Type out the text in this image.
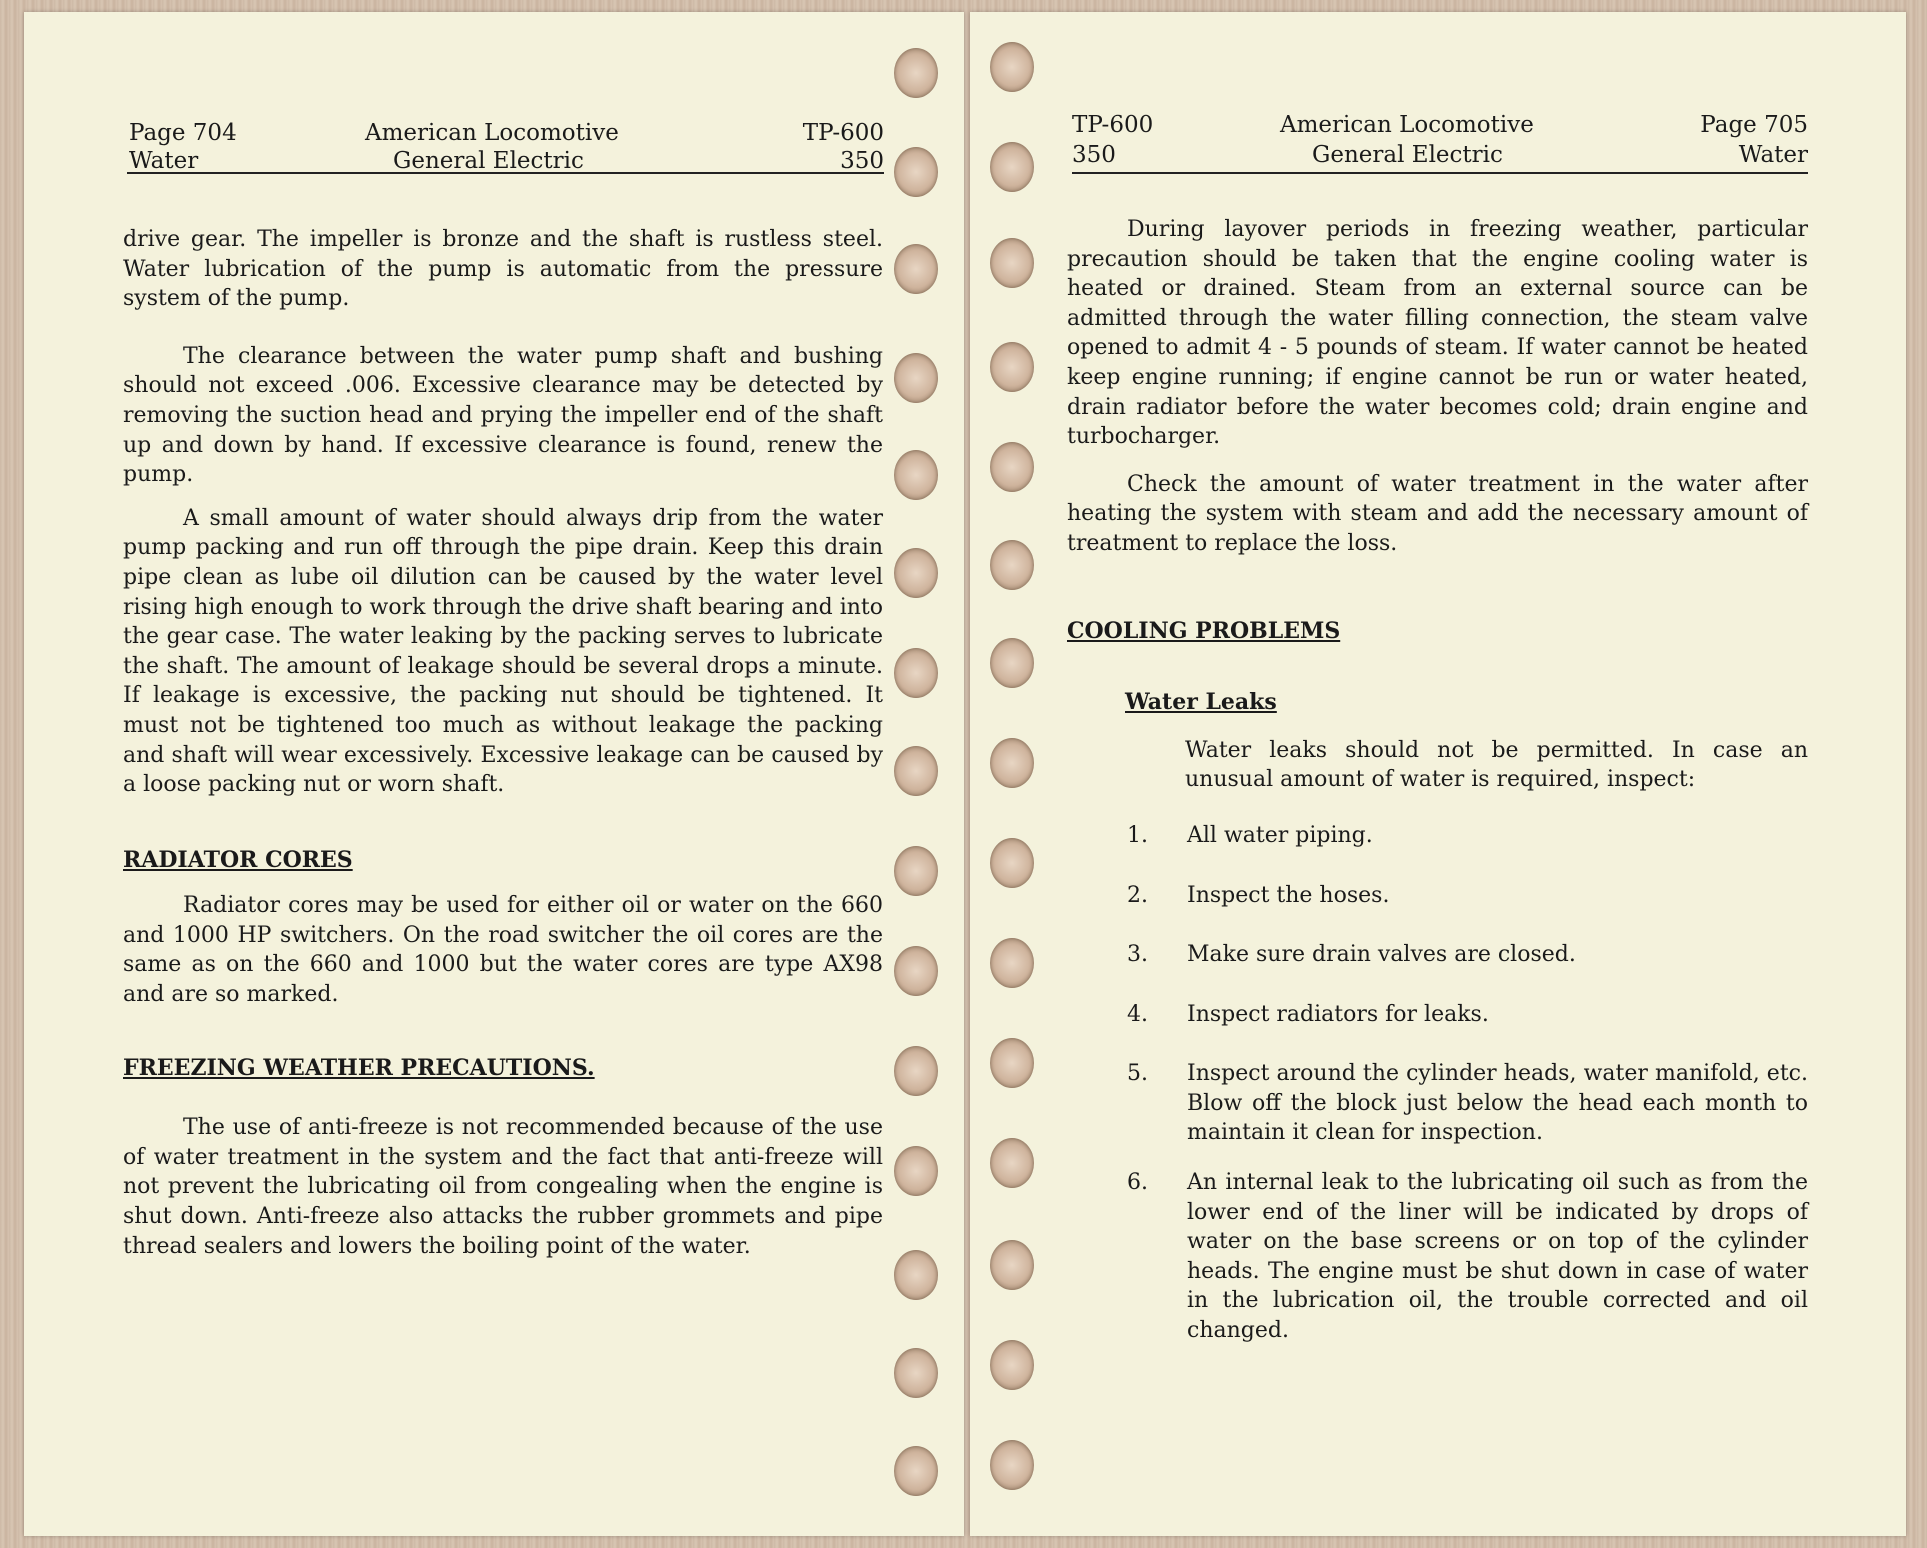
Page 704	American Locomotive	TP-600
Water	General Electric	350

drive gear. The impeller is bronze and the shaft is rustless steel. Water lubrication of the pump is automatic from the pressure system of the pump.

The clearance between the water pump shaft and bushing should not exceed .006. Excessive clearance may be detected by removing the suction head and prying the impeller end of the shaft up and down by hand. If excessive clearance is found, renew the pump.

A small amount of water should always drip from the water pump packing and run off through the pipe drain. Keep this drain pipe clean as lube oil dilution can be caused by the water level rising high enough to work through the drive shaft bearing and into the gear case. The water leaking by the packing serves to lubricate the shaft. The amount of leakage should be several drops a minute. If leakage is excessive, the packing nut should be tightened. It must not be tightened too much as without leakage the packing and shaft will wear excessively. Excessive leakage can be caused by a loose packing nut or worn shaft.

RADIATOR CORES

Radiator cores may be used for either oil or water on the 660 and 1000 HP switchers. On the road switcher the oil cores are the same as on the 660 and 1000 but the water cores are type AX98 and are so marked.

FREEZING WEATHER PRECAUTIONS.

The use of anti-freeze is not recommended because of the use of water treatment in the system and the fact that anti-freeze will not prevent the lubricating oil from congealing when the engine is shut down. Anti-freeze also attacks the rubber grommets and pipe thread sealers and lowers the boiling point of the water.

TP-600	American Locomotive	Page 705
350	General Electric	Water

During layover periods in freezing weather, particular precaution should be taken that the engine cooling water is heated or drained. Steam from an external source can be admitted through the water filling connection, the steam valve opened to admit 4 - 5 pounds of steam. If water cannot be heated keep engine running; if engine cannot be run or water heated, drain radiator before the water becomes cold; drain engine and turbocharger.

Check the amount of water treatment in the water after heating the system with steam and add the necessary amount of treatment to replace the loss.

COOLING PROBLEMS

Water Leaks

Water leaks should not be permitted. In case an unusual amount of water is required, inspect:

1. All water piping.
2. Inspect the hoses.
3. Make sure drain valves are closed.
4. Inspect radiators for leaks.
5. Inspect around the cylinder heads, water manifold, etc. Blow off the block just below the head each month to maintain it clean for inspection.
6. An internal leak to the lubricating oil such as from the lower end of the liner will be indicated by drops of water on the base screens or on top of the cylinder heads. The engine must be shut down in case of water in the lubrication oil, the trouble corrected and oil changed.
